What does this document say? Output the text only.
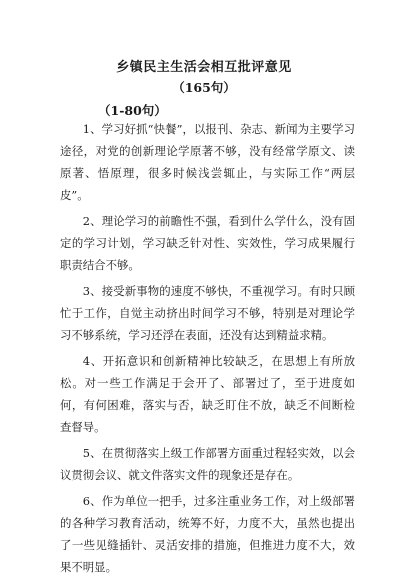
乡镇民主生活会相互批评意见
（165句）
（1-80句）

1、学习好抓“快餐”，以报刊、杂志、新闻为主要学习途径，对党的创新理论学原著不够，没有经常学原文、读原著、悟原理，很多时候浅尝辄止，与实际工作“两层皮”。

2、理论学习的前瞻性不强，看到什么学什么，没有固定的学习计划，学习缺乏针对性、实效性，学习成果履行职责结合不够。

3、接受新事物的速度不够快，不重视学习。有时只顾忙于工作，自觉主动挤出时间学习不够，特别是对理论学习不够系统，学习还浮在表面，还没有达到精益求精。

4、开拓意识和创新精神比较缺乏，在思想上有所放松。对一些工作满足于会开了、部署过了，至于进度如何，有何困难，落实与否，缺乏盯住不放，缺乏不间断检查督导。

5、在贯彻落实上级工作部署方面重过程轻实效，以会议贯彻会议、就文件落实文件的现象还是存在。

6、作为单位一把手，过多注重业务工作，对上级部署的各种学习教育活动，统筹不好，力度不大，虽然也提出了一些见缝插针、灵活安排的措施，但推进力度不大，效果不明显。
